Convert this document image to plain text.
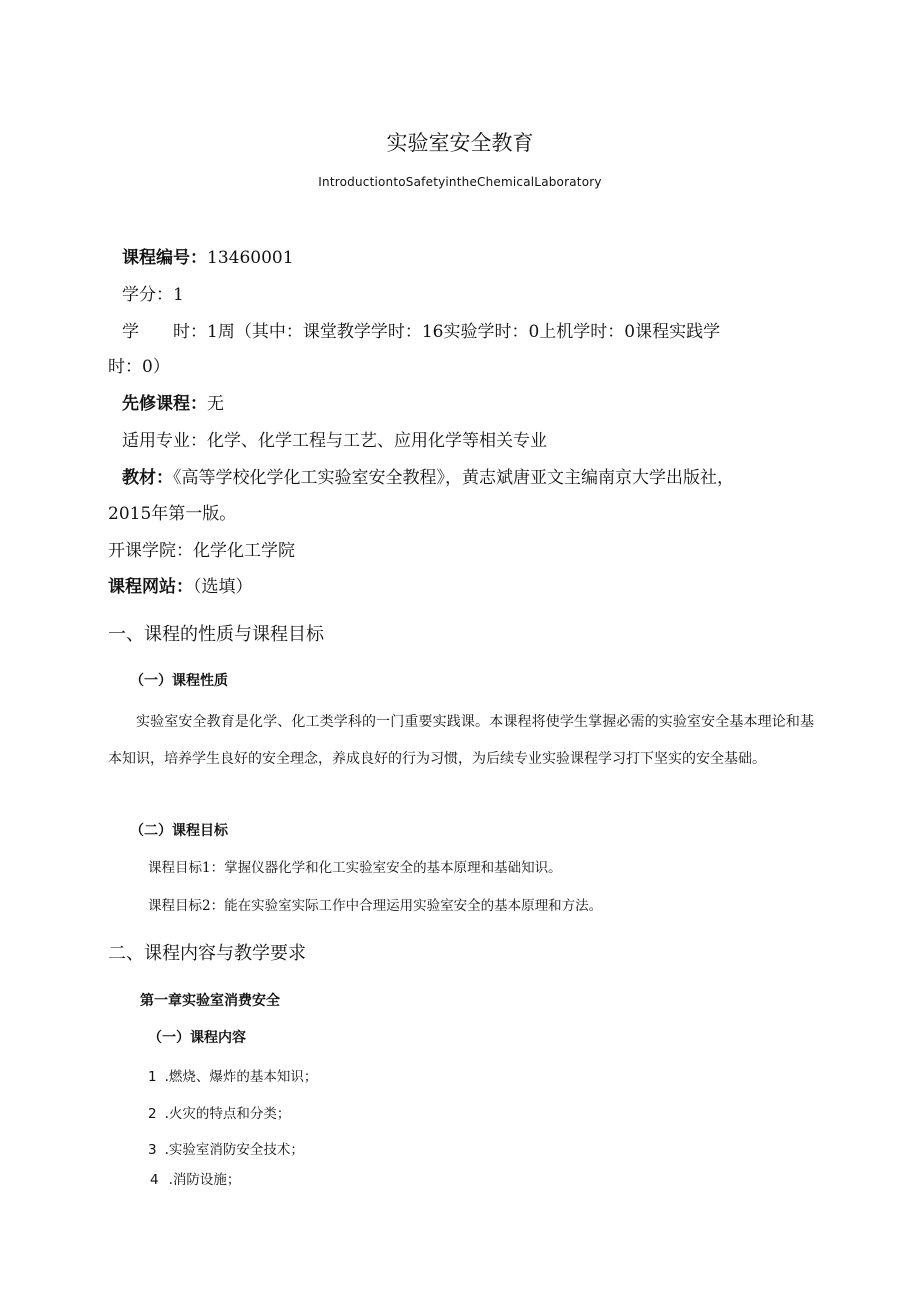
实验室安全教育
IntroductiontoSafetyintheChemicalLaboratory
课程编号：13460001
学分：1
学　　时：1周（其中：课堂教学学时：16实验学时：0上机学时：0课程实践学
时：0）
先修课程：无
适用专业：化学、化学工程与工艺、应用化学等相关专业
教材：《高等学校化学化工实验室安全教程》，黄志斌唐亚文主编南京大学出版社，
2015年第一版。
开课学院：化学化工学院
课程网站：（选填）
一、课程的性质与课程目标
（一）课程性质
实验室安全教育是化学、化工类学科的一门重要实践课。本课程将使学生掌握必需的实验室安全基本理论和基本知识，培养学生良好的安全理念，养成良好的行为习惯，为后续专业实验课程学习打下坚实的安全基础。
（二）课程目标
课程目标1：掌握仪器化学和化工实验室安全的基本原理和基础知识。
课程目标2：能在实验室实际工作中合理运用实验室安全的基本原理和方法。
二、课程内容与教学要求
第一章实验室消费安全
（一）课程内容
1 .燃烧、爆炸的基本知识；
2 .火灾的特点和分类；
3 .实验室消防安全技术；
4 .消防设施；
